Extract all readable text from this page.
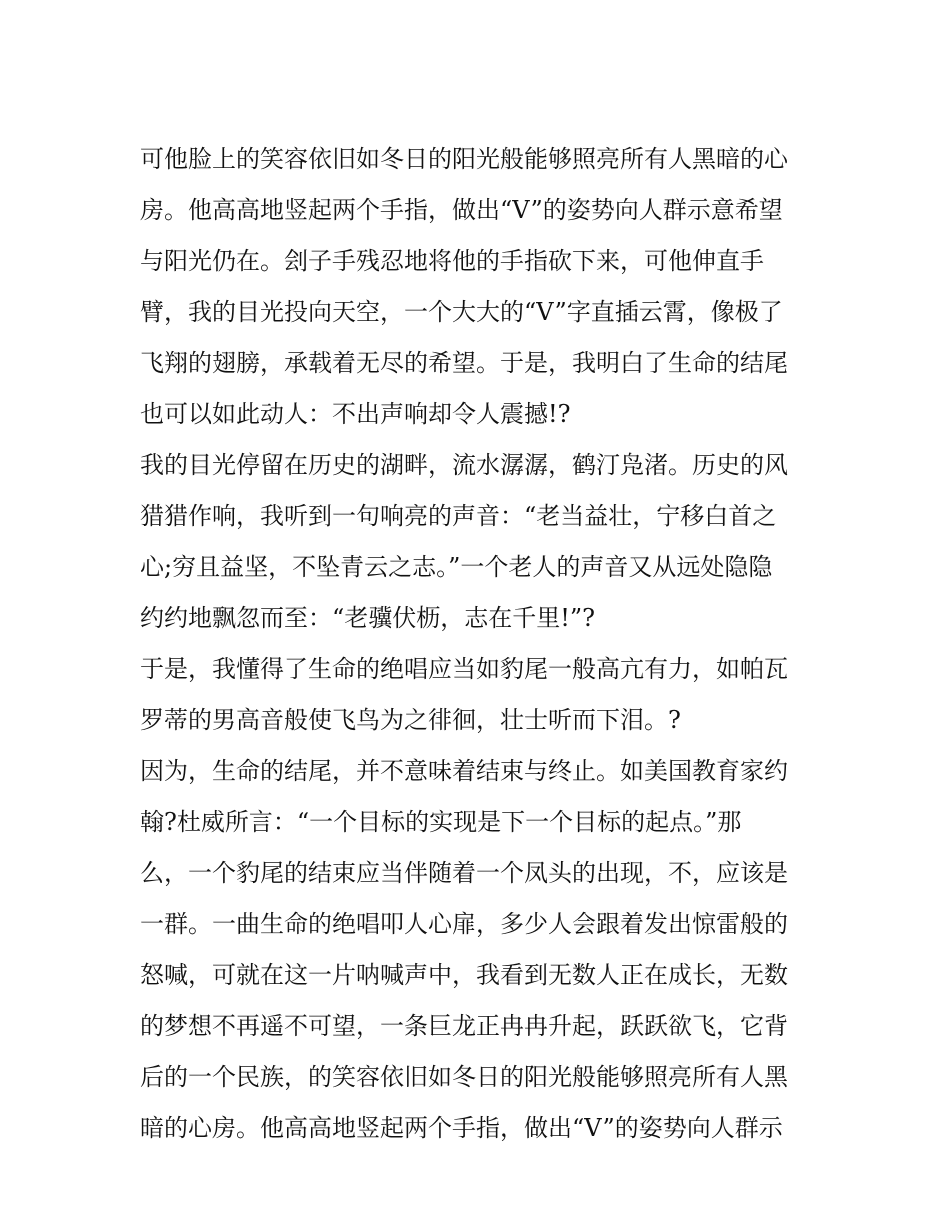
可他脸上的笑容依旧如冬日的阳光般能够照亮所有人黑暗的心
房。他高高地竖起两个手指，做出“V”的姿势向人群示意希望
与阳光仍在。刽子手残忍地将他的手指砍下来，可他伸直手
臂，我的目光投向天空，一个大大的“V”字直插云霄，像极了
飞翔的翅膀，承载着无尽的希望。于是，我明白了生命的结尾
也可以如此动人：不出声响却令人震撼!?
我的目光停留在历史的湖畔，流水潺潺，鹤汀凫渚。历史的风
猎猎作响，我听到一句响亮的声音：“老当益壮，宁移白首之
心;穷且益坚，不坠青云之志。”一个老人的声音又从远处隐隐
约约地飘忽而至：“老骥伏枥，志在千里!”?
于是，我懂得了生命的绝唱应当如豹尾一般高亢有力，如帕瓦
罗蒂的男高音般使飞鸟为之徘徊，壮士听而下泪。?
因为，生命的结尾，并不意味着结束与终止。如美国教育家约
翰?杜威所言：“一个目标的实现是下一个目标的起点。”那
么，一个豹尾的结束应当伴随着一个凤头的出现，不，应该是
一群。一曲生命的绝唱叩人心扉，多少人会跟着发出惊雷般的
怒喊，可就在这一片呐喊声中，我看到无数人正在成长，无数
的梦想不再遥不可望，一条巨龙正冉冉升起，跃跃欲飞，它背
后的一个民族，的笑容依旧如冬日的阳光般能够照亮所有人黑
暗的心房。他高高地竖起两个手指，做出“V”的姿势向人群示
